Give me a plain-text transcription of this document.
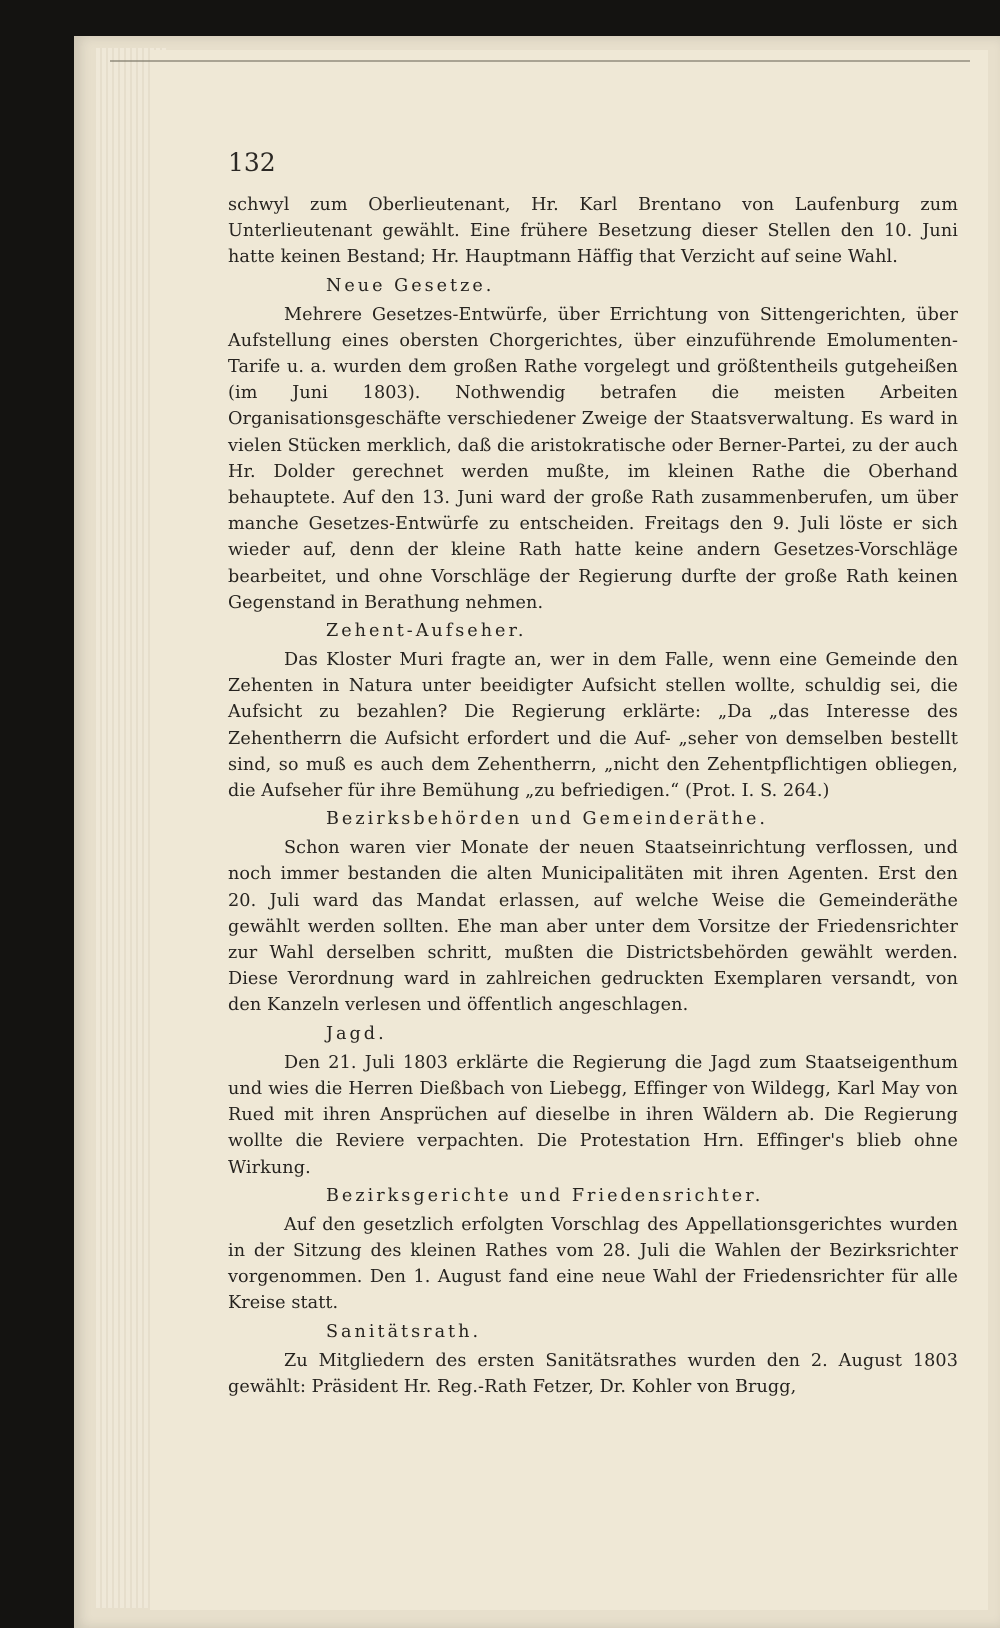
132

schwyl zum Oberlieutenant, Hr. Karl Brentano von Laufenburg zum Unterlieutenant gewählt. Eine frühere Besetzung dieser Stellen den 10. Juni hatte keinen Bestand; Hr. Hauptmann Häffig that Verzicht auf seine Wahl.

Neue Gesetze.

Mehrere Gesetzes-Entwürfe, über Errichtung von Sittengerichten, über Aufstellung eines obersten Chorgerichtes, über einzuführende Emolumenten-Tarife u. a. wurden dem großen Rathe vorgelegt und größtentheils gutgeheißen (im Juni 1803). Nothwendig betrafen die meisten Arbeiten Organisationsgeschäfte verschiedener Zweige der Staatsverwaltung. Es ward in vielen Stücken merklich, daß die aristokratische oder Berner-Partei, zu der auch Hr. Dolder gerechnet werden mußte, im kleinen Rathe die Oberhand behauptete. Auf den 13. Juni ward der große Rath zusammenberufen, um über manche Gesetzes-Entwürfe zu entscheiden. Freitags den 9. Juli löste er sich wieder auf, denn der kleine Rath hatte keine andern Gesetzes-Vorschläge bearbeitet, und ohne Vorschläge der Regierung durfte der große Rath keinen Gegenstand in Berathung nehmen.

Zehent-Aufseher.

Das Kloster Muri fragte an, wer in dem Falle, wenn eine Gemeinde den Zehenten in Natura unter beeidigter Aufsicht stellen wollte, schuldig sei, die Aufsicht zu bezahlen? Die Regierung erklärte: „Da „das Interesse des Zehentherrn die Aufsicht erfordert und die Auf- „seher von demselben bestellt sind, so muß es auch dem Zehentherrn, „nicht den Zehentpflichtigen obliegen, die Aufseher für ihre Bemühung „zu befriedigen.“ (Prot. I. S. 264.)

Bezirksbehörden und Gemeinderäthe.

Schon waren vier Monate der neuen Staatseinrichtung verflossen, und noch immer bestanden die alten Municipalitäten mit ihren Agenten. Erst den 20. Juli ward das Mandat erlassen, auf welche Weise die Gemeinderäthe gewählt werden sollten. Ehe man aber unter dem Vorsitze der Friedensrichter zur Wahl derselben schritt, mußten die Districtsbehörden gewählt werden. Diese Verordnung ward in zahlreichen gedruckten Exemplaren versandt, von den Kanzeln verlesen und öffentlich angeschlagen.

Jagd.

Den 21. Juli 1803 erklärte die Regierung die Jagd zum Staatseigenthum und wies die Herren Dießbach von Liebegg, Effinger von Wildegg, Karl May von Rued mit ihren Ansprüchen auf dieselbe in ihren Wäldern ab. Die Regierung wollte die Reviere verpachten. Die Protestation Hrn. Effinger's blieb ohne Wirkung.

Bezirksgerichte und Friedensrichter.

Auf den gesetzlich erfolgten Vorschlag des Appellationsgerichtes wurden in der Sitzung des kleinen Rathes vom 28. Juli die Wahlen der Bezirksrichter vorgenommen. Den 1. August fand eine neue Wahl der Friedensrichter für alle Kreise statt.

Sanitätsrath.

Zu Mitgliedern des ersten Sanitätsrathes wurden den 2. August 1803 gewählt: Präsident Hr. Reg.-Rath Fetzer, Dr. Kohler von Brugg,
